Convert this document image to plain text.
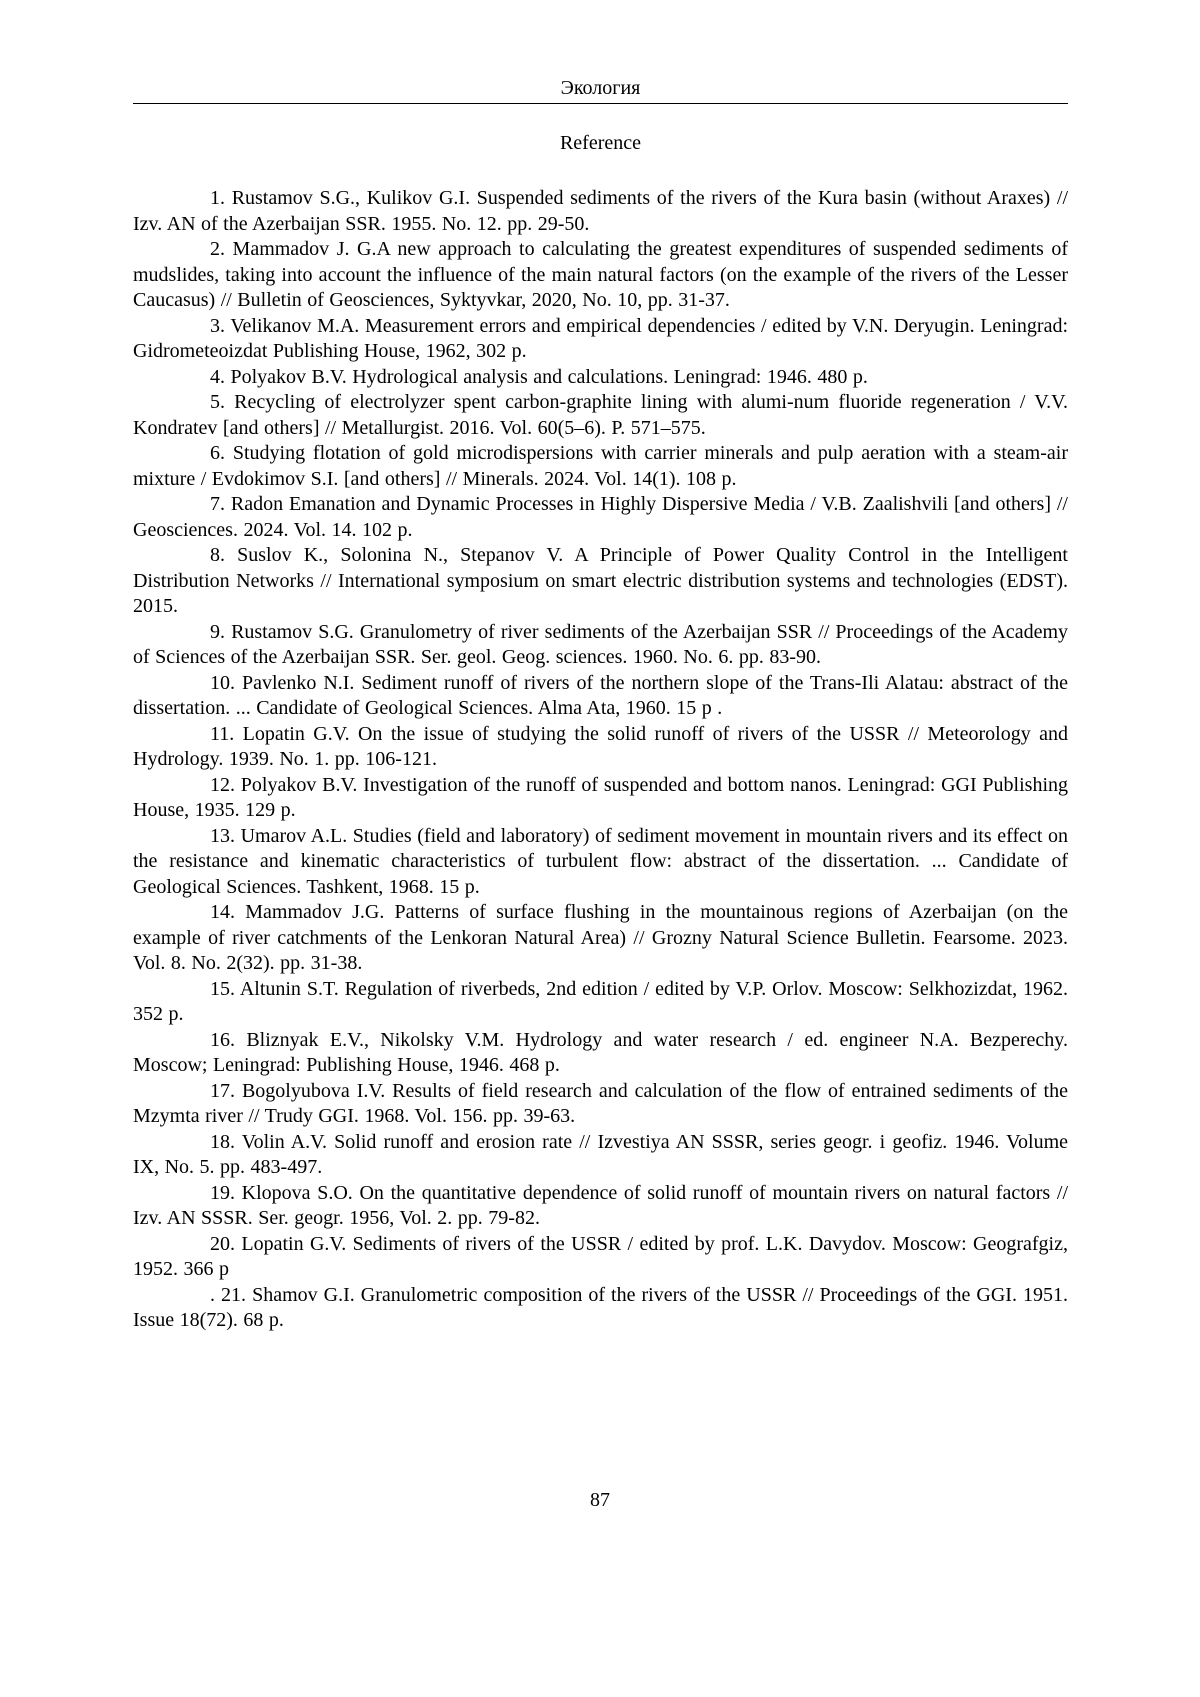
Экология
Reference

1. Rustamov S.G., Kulikov G.I. Suspended sediments of the rivers of the Kura basin (without Araxes) // Izv. AN of the Azerbaijan SSR. 1955. No. 12. pp. 29-50.

2. Mammadov J. G.A new approach to calculating the greatest expenditures of suspended sediments of mudslides, taking into account the influence of the main natural factors (on the example of the rivers of the Lesser Caucasus) // Bulletin of Geosciences, Syktyvkar, 2020, No. 10, pp. 31-37.

3. Velikanov M.A. Measurement errors and empirical dependencies / edited by V.N. Deryugin. Leningrad: Gidrometeoizdat Publishing House, 1962, 302 p.

4. Polyakov B.V. Hydrological analysis and calculations. Leningrad: 1946. 480 p.

5. Recycling of electrolyzer spent carbon-graphite lining with alumi-num fluoride regeneration / V.V. Kondratev [and others] // Metallurgist. 2016. Vol. 60(5–6). P. 571–575.

6. Studying flotation of gold microdispersions with carrier minerals and pulp aeration with a steam-air mixture / Evdokimov S.I. [and others] // Minerals. 2024. Vol. 14(1). 108 p.

7. Radon Emanation and Dynamic Processes in Highly Dispersive Media / V.B. Zaalishvili [and others] // Geosciences. 2024. Vol. 14. 102 p.

8. Suslov K., Solonina N., Stepanov V. A Principle of Power Quality Control in the Intelligent Distribution Networks // International symposium on smart electric distribution systems and technologies (EDST). 2015.

9. Rustamov S.G. Granulometry of river sediments of the Azerbaijan SSR // Proceedings of the Academy of Sciences of the Azerbaijan SSR. Ser. geol. Geog. sciences. 1960. No. 6. pp. 83-90.

10. Pavlenko N.I. Sediment runoff of rivers of the northern slope of the Trans-Ili Alatau: abstract of the dissertation. ... Candidate of Geological Sciences. Alma Ata, 1960. 15 p .

11. Lopatin G.V. On the issue of studying the solid runoff of rivers of the USSR // Meteorology and Hydrology. 1939. No. 1. pp. 106-121.

12. Polyakov B.V. Investigation of the runoff of suspended and bottom nanos. Leningrad: GGI Publishing House, 1935. 129 p.

13. Umarov A.L. Studies (field and laboratory) of sediment movement in mountain rivers and its effect on the resistance and kinematic characteristics of turbulent flow: abstract of the dissertation. ... Candidate of Geological Sciences. Tashkent, 1968. 15 p.

14. Mammadov J.G. Patterns of surface flushing in the mountainous regions of Azerbaijan (on the example of river catchments of the Lenkoran Natural Area) // Grozny Natural Science Bulletin. Fearsome. 2023. Vol. 8. No. 2(32). pp. 31-38.

15. Altunin S.T. Regulation of riverbeds, 2nd edition / edited by V.P. Orlov. Moscow: Selkhozizdat, 1962. 352 p.

16. Bliznyak E.V., Nikolsky V.M. Hydrology and water research / ed. engineer N.A. Bezperechy. Moscow; Leningrad: Publishing House, 1946. 468 p.

17. Bogolyubova I.V. Results of field research and calculation of the flow of entrained sediments of the Mzymta river // Trudy GGI. 1968. Vol. 156. pp. 39-63.

18. Volin A.V. Solid runoff and erosion rate // Izvestiya AN SSSR, series geogr. i geofiz. 1946. Volume IX, No. 5. pp. 483-497.

19. Klopova S.O. On the quantitative dependence of solid runoff of mountain rivers on natural factors // Izv. AN SSSR. Ser. geogr. 1956, Vol. 2. pp. 79-82.

20. Lopatin G.V. Sediments of rivers of the USSR / edited by prof. L.K. Davydov. Moscow: Geografgiz, 1952. 366 p

. 21. Shamov G.I. Granulometric composition of the rivers of the USSR // Proceedings of the GGI. 1951. Issue 18(72). 68 p.

87
